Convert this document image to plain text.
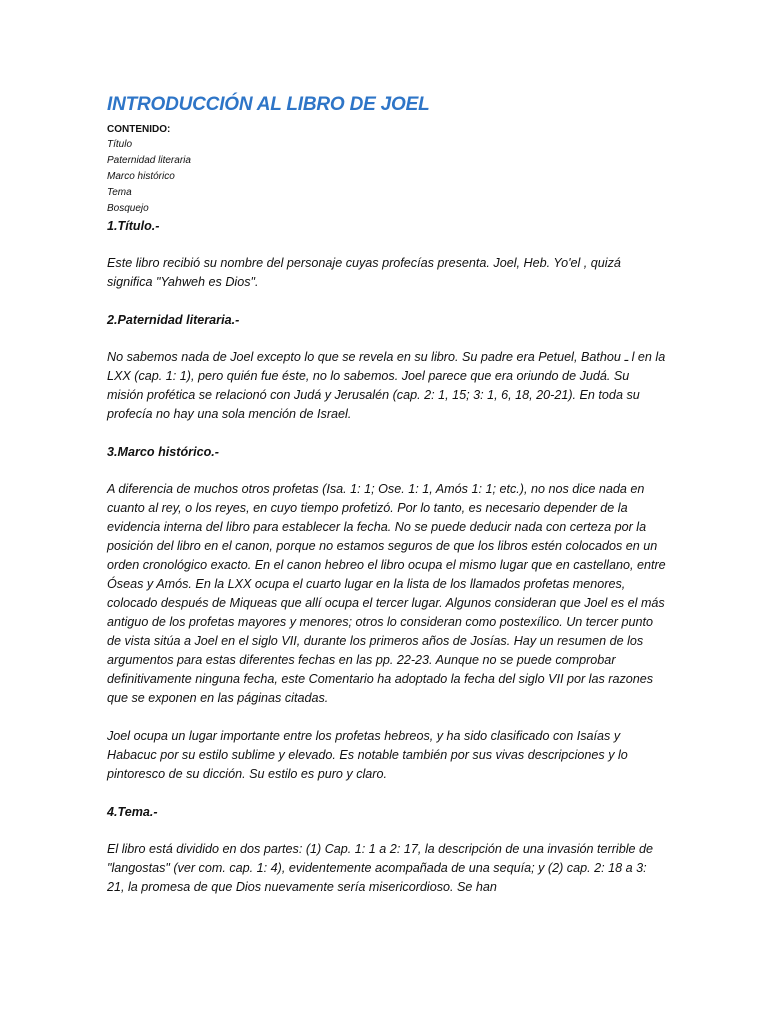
INTRODUCCIÓN AL LIBRO DE JOEL

CONTENIDO:

Título
Paternidad literaria
Marco histórico
Tema
Bosquejo
1.Título.-

Este libro recibió su nombre del personaje cuyas profecías presenta. Joel, Heb. Yo'el , quizá significa "Yahweh es Dios".

2.Paternidad literaria.-

No sabemos nada de Joel excepto lo que se revela en su libro. Su padre era Petuel, Bathou ـ l en la LXX (cap. 1: 1), pero quién fue éste, no lo sabemos. Joel parece que era oriundo de Judá. Su misión profética se relacionó con Judá y Jerusalén (cap. 2: 1, 15; 3: 1, 6, 18, 20-21). En toda su profecía no hay una sola mención de Israel.

3.Marco histórico.-

A diferencia de muchos otros profetas (Isa. 1: 1; Ose. 1: 1, Amós 1: 1; etc.), no nos dice nada en cuanto al rey, o los reyes, en cuyo tiempo profetizó. Por lo tanto, es necesario depender de la evidencia interna del libro para establecer la fecha. No se puede deducir nada con certeza por la posición del libro en el canon, porque no estamos seguros de que los libros estén colocados en un orden cronológico exacto. En el canon hebreo el libro ocupa el mismo lugar que en castellano, entre Óseas y Amós. En la LXX ocupa el cuarto lugar en la lista de los llamados profetas menores, colocado después de Miqueas que allí ocupa el tercer lugar. Algunos consideran que Joel es el más antiguo de los profetas mayores y menores; otros lo consideran como postexílico. Un tercer punto de vista sitúa a Joel en el siglo VII, durante los primeros años de Josías. Hay un resumen de los argumentos para estas diferentes fechas en las pp. 22-23. Aunque no se puede comprobar definitivamente ninguna fecha, este Comentario ha adoptado la fecha del siglo VII por las razones que se exponen en las páginas citadas.

Joel ocupa un lugar importante entre los profetas hebreos, y ha sido clasificado con Isaías y Habacuc por su estilo sublime y elevado. Es notable también por sus vivas descripciones y lo pintoresco de su dicción. Su estilo es puro y claro.

4.Tema.-

El libro está dividido en dos partes: (1) Cap. 1: 1 a 2: 17, la descripción de una invasión terrible de "langostas" (ver com. cap. 1: 4), evidentemente acompañada de una sequía; y (2) cap. 2: 18 a 3: 21, la promesa de que Dios nuevamente sería misericordioso. Se han
